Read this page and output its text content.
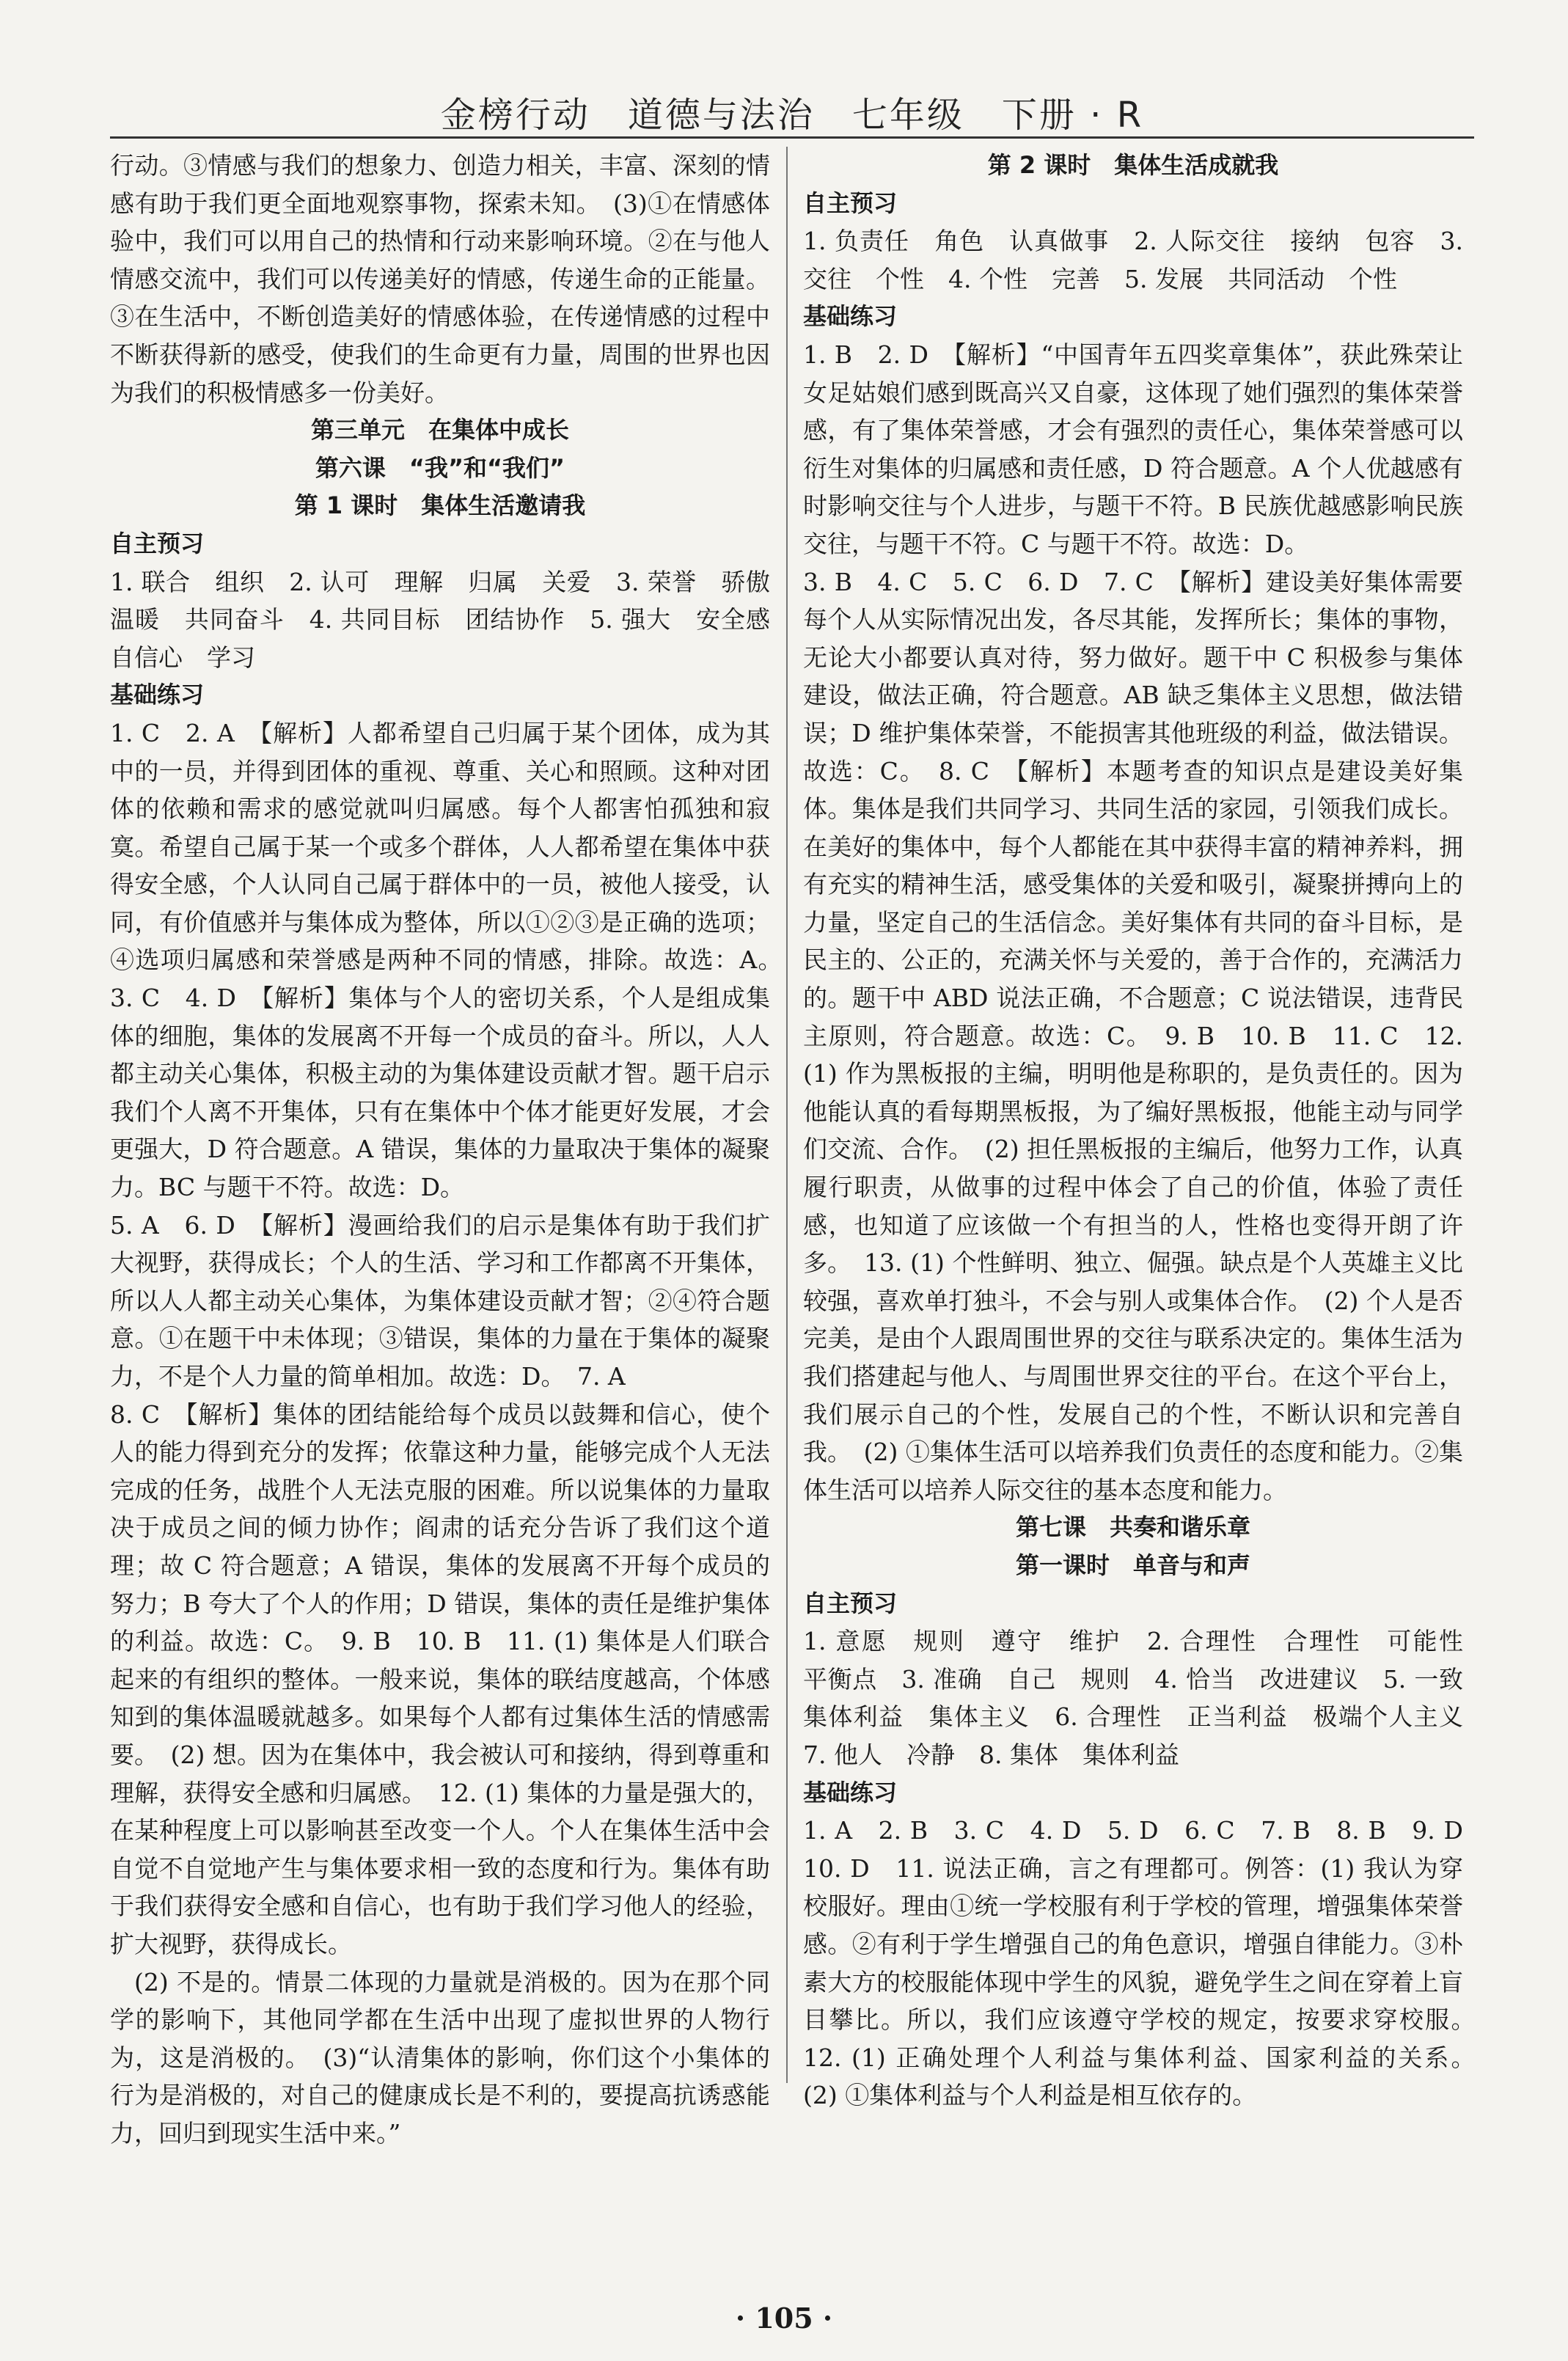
金榜行动　道德与法治　七年级　下册 · R

行动。③情感与我们的想象力、创造力相关，丰富、深刻的情感有助于我们更全面地观察事物，探索未知。　(3)①在情感体验中，我们可以用自己的热情和行动来影响环境。②在与他人情感交流中，我们可以传递美好的情感，传递生命的正能量。③在生活中，不断创造美好的情感体验，在传递情感的过程中不断获得新的感受，使我们的生命更有力量，周围的世界也因为我们的积极情感多一份美好。

第三单元　在集体中成长

第六课　“我”和“我们”

第 1 课时　集体生活邀请我

自主预习

1. 联合　组织　2. 认可　理解　归属　关爱　3. 荣誉　骄傲　温暖　共同奋斗　4. 共同目标　团结协作　5. 强大　安全感　自信心　学习

基础练习

1. C　2. A　【解析】人都希望自己归属于某个团体，成为其中的一员，并得到团体的重视、尊重、关心和照顾。这种对团体的依赖和需求的感觉就叫归属感。每个人都害怕孤独和寂寞。希望自己属于某一个或多个群体，人人都希望在集体中获得安全感，个人认同自己属于群体中的一员，被他人接受，认同，有价值感并与集体成为整体，所以①②③是正确的选项；④选项归属感和荣誉感是两种不同的情感，排除。故选：A。　3. C　4. D　【解析】集体与个人的密切关系，个人是组成集体的细胞，集体的发展离不开每一个成员的奋斗。所以，人人都主动关心集体，积极主动的为集体建设贡献才智。题干启示我们个人离不开集体，只有在集体中个体才能更好发展，才会更强大，D 符合题意。A 错误，集体的力量取决于集体的凝聚力。BC 与题干不符。故选：D。

5. A　6. D　【解析】漫画给我们的启示是集体有助于我们扩大视野，获得成长；个人的生活、学习和工作都离不开集体，所以人人都主动关心集体，为集体建设贡献才智；②④符合题意。①在题干中未体现；③错误，集体的力量在于集体的凝聚力，不是个人力量的简单相加。故选：D。　7. A

8. C　【解析】集体的团结能给每个成员以鼓舞和信心，使个人的能力得到充分的发挥；依靠这种力量，能够完成个人无法完成的任务，战胜个人无法克服的困难。所以说集体的力量取决于成员之间的倾力协作；阎肃的话充分告诉了我们这个道理；故 C 符合题意；A 错误，集体的发展离不开每个成员的努力；B 夸大了个人的作用；D 错误，集体的责任是维护集体的利益。故选：C。　9. B　10. B　11. (1) 集体是人们联合起来的有组织的整体。一般来说，集体的联结度越高，个体感知到的集体温暖就越多。如果每个人都有过集体生活的情感需要。　(2) 想。因为在集体中，我会被认可和接纳，得到尊重和理解，获得安全感和归属感。　12. (1) 集体的力量是强大的，在某种程度上可以影响甚至改变一个人。个人在集体生活中会自觉不自觉地产生与集体要求相一致的态度和行为。集体有助于我们获得安全感和自信心，也有助于我们学习他人的经验，扩大视野，获得成长。

(2) 不是的。情景二体现的力量就是消极的。因为在那个同学的影响下，其他同学都在生活中出现了虚拟世界的人物行为，这是消极的。　(3)“认清集体的影响，你们这个小集体的行为是消极的，对自己的健康成长是不利的，要提高抗诱惑能力，回归到现实生活中来。”

第 2 课时　集体生活成就我

自主预习

1. 负责任　角色　认真做事　2. 人际交往　接纳　包容　3. 交往　个性　4. 个性　完善　5. 发展　共同活动　个性

基础练习

1. B　2. D　【解析】“中国青年五四奖章集体”，获此殊荣让女足姑娘们感到既高兴又自豪，这体现了她们强烈的集体荣誉感，有了集体荣誉感，才会有强烈的责任心，集体荣誉感可以衍生对集体的归属感和责任感，D 符合题意。A 个人优越感有时影响交往与个人进步，与题干不符。B 民族优越感影响民族交往，与题干不符。C 与题干不符。故选：D。

3. B　4. C　5. C　6. D　7. C　【解析】建设美好集体需要每个人从实际情况出发，各尽其能，发挥所长；集体的事物，无论大小都要认真对待，努力做好。题干中 C 积极参与集体建设，做法正确，符合题意。AB 缺乏集体主义思想，做法错误；D 维护集体荣誉，不能损害其他班级的利益，做法错误。故选：C。　8. C　【解析】本题考查的知识点是建设美好集体。集体是我们共同学习、共同生活的家园，引领我们成长。在美好的集体中，每个人都能在其中获得丰富的精神养料，拥有充实的精神生活，感受集体的关爱和吸引，凝聚拼搏向上的力量，坚定自己的生活信念。美好集体有共同的奋斗目标，是民主的、公正的，充满关怀与关爱的，善于合作的，充满活力的。题干中 ABD 说法正确，不合题意；C 说法错误，违背民主原则，符合题意。故选：C。　9. B　10. B　11. C　12. (1) 作为黑板报的主编，明明他是称职的，是负责任的。因为他能认真的看每期黑板报，为了编好黑板报，他能主动与同学们交流、合作。　(2) 担任黑板报的主编后，他努力工作，认真履行职责，从做事的过程中体会了自己的价值，体验了责任感，也知道了应该做一个有担当的人，性格也变得开朗了许多。　13. (1) 个性鲜明、独立、倔强。缺点是个人英雄主义比较强，喜欢单打独斗，不会与别人或集体合作。　(2) 个人是否完美，是由个人跟周围世界的交往与联系决定的。集体生活为我们搭建起与他人、与周围世界交往的平台。在这个平台上，我们展示自己的个性，发展自己的个性，不断认识和完善自我。　(2) ①集体生活可以培养我们负责任的态度和能力。②集体生活可以培养人际交往的基本态度和能力。

第七课　共奏和谐乐章

第一课时　单音与和声

自主预习

1. 意愿　规则　遵守　维护　2. 合理性　合理性　可能性　平衡点　3. 准确　自己　规则　4. 恰当　改进建议　5. 一致　集体利益　集体主义　6. 合理性　正当利益　极端个人主义　7. 他人　冷静　8. 集体　集体利益

基础练习

1. A　2. B　3. C　4. D　5. D　6. C　7. B　8. B　9. D　10. D　11. 说法正确，言之有理都可。例答：(1) 我认为穿校服好。理由①统一学校服有利于学校的管理，增强集体荣誉感。②有利于学生增强自己的角色意识，增强自律能力。③朴素大方的校服能体现中学生的风貌，避免学生之间在穿着上盲目攀比。所以，我们应该遵守学校的规定，按要求穿校服。　12. (1) 正确处理个人利益与集体利益、国家利益的关系。　(2) ①集体利益与个人利益是相互依存的。

· 105 ·
